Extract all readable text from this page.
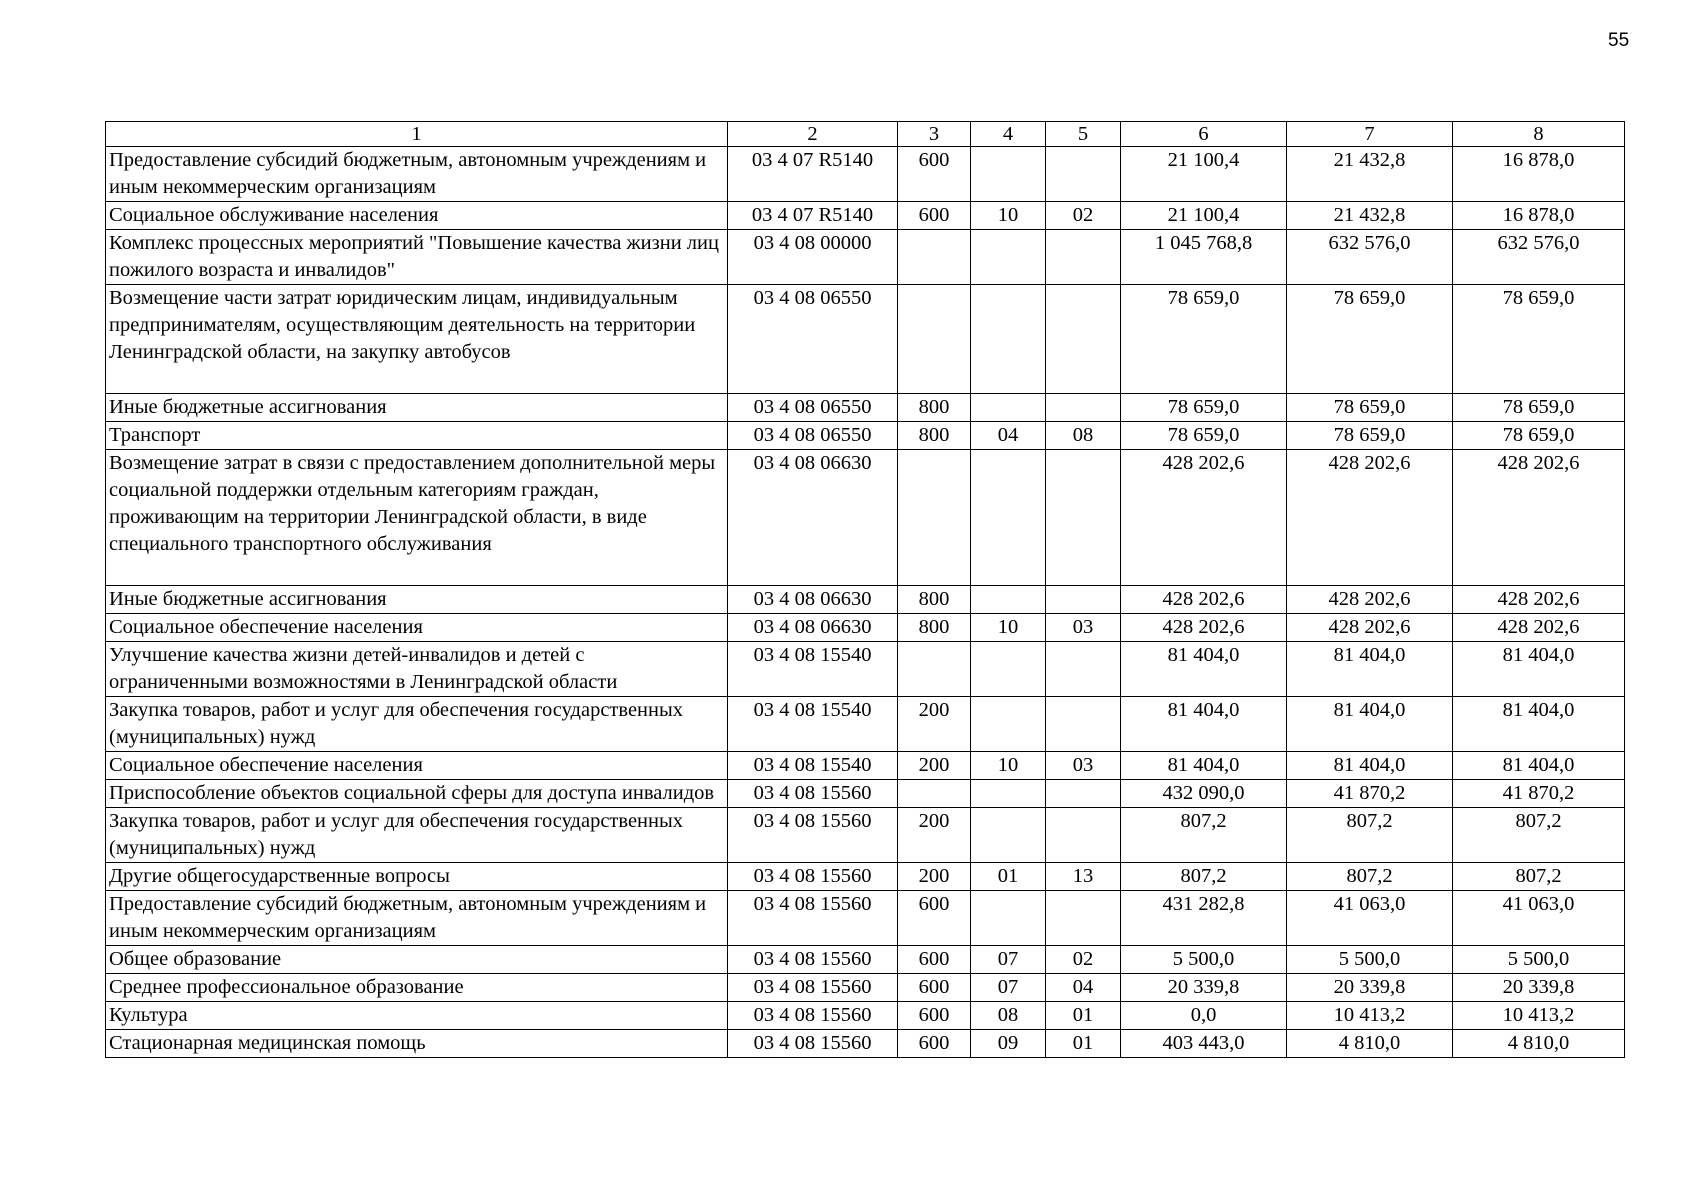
55
1	2	3	4	5	6	7	8
Предоставление субсидий бюджетным, автономным учреждениям и иным некоммерческим организациям	03 4 07 R5140	600			21 100,4	21 432,8	16 878,0
Социальное обслуживание населения	03 4 07 R5140	600	10	02	21 100,4	21 432,8	16 878,0
Комплекс процессных мероприятий "Повышение качества жизни лиц пожилого возраста и инвалидов"	03 4 08 00000				1 045 768,8	632 576,0	632 576,0
Возмещение части затрат юридическим лицам, индивидуальным предпринимателям, осуществляющим деятельность на территории Ленинградской области, на закупку автобусов	03 4 08 06550				78 659,0	78 659,0	78 659,0
Иные бюджетные ассигнования	03 4 08 06550	800			78 659,0	78 659,0	78 659,0
Транспорт	03 4 08 06550	800	04	08	78 659,0	78 659,0	78 659,0
Возмещение затрат в связи с предоставлением дополнительной меры социальной поддержки отдельным категориям граждан, проживающим на территории Ленинградской области, в виде специального транспортного обслуживания	03 4 08 06630				428 202,6	428 202,6	428 202,6
Иные бюджетные ассигнования	03 4 08 06630	800			428 202,6	428 202,6	428 202,6
Социальное обеспечение населения	03 4 08 06630	800	10	03	428 202,6	428 202,6	428 202,6
Улучшение качества жизни детей-инвалидов и детей с ограниченными возможностями в Ленинградской области	03 4 08 15540				81 404,0	81 404,0	81 404,0
Закупка товаров, работ и услуг для обеспечения государственных (муниципальных) нужд	03 4 08 15540	200			81 404,0	81 404,0	81 404,0
Социальное обеспечение населения	03 4 08 15540	200	10	03	81 404,0	81 404,0	81 404,0
Приспособление объектов социальной сферы для доступа инвалидов	03 4 08 15560				432 090,0	41 870,2	41 870,2
Закупка товаров, работ и услуг для обеспечения государственных (муниципальных) нужд	03 4 08 15560	200			807,2	807,2	807,2
Другие общегосударственные вопросы	03 4 08 15560	200	01	13	807,2	807,2	807,2
Предоставление субсидий бюджетным, автономным учреждениям и иным некоммерческим организациям	03 4 08 15560	600			431 282,8	41 063,0	41 063,0
Общее образование	03 4 08 15560	600	07	02	5 500,0	5 500,0	5 500,0
Среднее профессиональное образование	03 4 08 15560	600	07	04	20 339,8	20 339,8	20 339,8
Культура	03 4 08 15560	600	08	01	0,0	10 413,2	10 413,2
Стационарная медицинская помощь	03 4 08 15560	600	09	01	403 443,0	4 810,0	4 810,0
